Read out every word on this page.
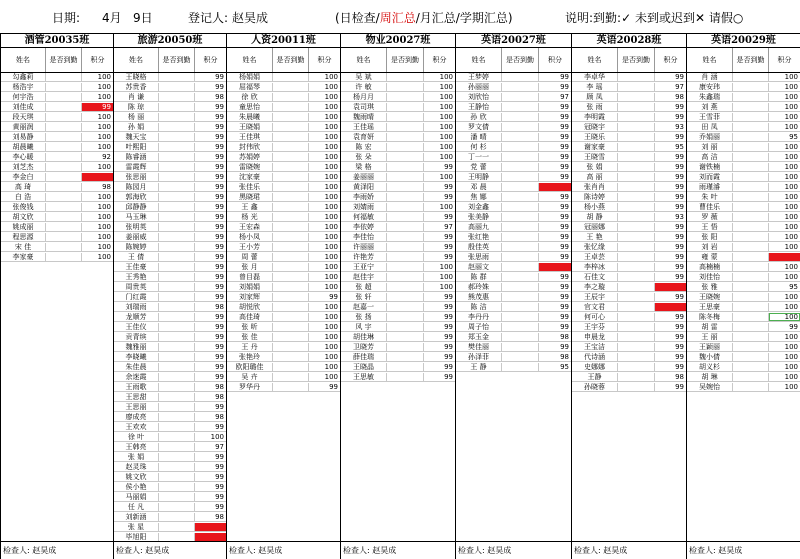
日期: 4月 9日	登记人: 赵昊成	(日检查/周汇总/月汇总/学期汇总)	说明:到勤:✓ 未到或迟到✕ 请假○
酒管20035班
姓名	是否到勤	积分
勾鑫莉	100
杨浩宇	100
何宇浩	100
刘佳成	99
段天琪	100
黄丽润	100
刘易静	100
胡晨曦	100
李心暖	92
刘芝杰	100
李金白
高 琦	98
白 浩	100
张俊钱	100
胡文欣	100
姚成丽	100
程思源	100
宋 佳	100
李家豪	100
旅游20050班
姓名	是否到勤	积分
王晓格	99
苏贵香	99
肖 谦	98
陈 琼	99
杨 丽	99
孙 娟	99
魏天宝	99
叶熙阳	99
陈睿涵	99
雷霞辉	99
张思丽	99
陈园月	99
郭海欣	99
邱静静	99
马玉琳	99
张明英	99
姜丽威	99
陈婉婷	99
王 倩	99
王佳豪	99
王秀艳	99
周贵英	99
门红霞	99
刘瑞雨	98
龙顺芳	99
王佳仪	99
贡青缤	99
魏雅丽	99
李晓曦	99
朱佳晨	99
余迷霞	99
王雨歌	98
王思甜	98
王思丽	99
廖成亮	98
王欢欢	99
徐 叶	100
王韩亮	97
张 娟	99
赵灵珠	99
姚文欣	99
侯小艳	99
马丽娟	99
任 凡	99
刘新涵	98
张 星
毕旭阳
人资20011班
姓名	是否到勤	积分
杨娟娟	100
屈福琴	100
徐 欣	100
童思怡	100
朱晨曦	100
王晓娟	100
王佳琪	100
封伟欣	100
苏娟婷	100
雷晓婉	100
沈家豪	100
张佳乐	100
黑晓珺	100
王 鑫	100
杨 光	100
王宏森	100
杨小凤	100
王小芳	100
周 蕾	100
张 月	100
曾目磊	100
刘娟娟	100
刘家辉	99
胡悦欣	100
高佳琦	100
张 昕	100
张 佳	100
王 丹	100
张艳玲	100
欧阳璐佳	100
吴 卉	100
罗华丹	99
物业20027班
姓名	是否到勤	积分
吴 斌	100
许 敏	100
杨月月	100
袁司琪	100
魏雨晴	100
王佳瑶	100
袁育妍	100
陈 宏	100
张 朵	100
梁 格	99
姜丽丽	100
黄泽阳	99
李雨娇	99
刘婧雨	100
何福敏	99
李依婷	97
李佳怡	99
许丽丽	99
许艳芳	99
王亚宁	100
赵佳宇	100
张 超	100
张 轩	99
赵嘉一	99
张 扬	99
风 宇	99
胡佳琳	99
卫晓芳	99
薛佳瑞	99
王晓晶	99
王思敏	99
英语20027班
姓名	是否到勤	积分
王梦婷	99
孙丽丽	99
刘欣怡	97
王静怡	99
孙 欣	99
罗文倩	99
潘 晴	99
何 杉	99
丁一一	99
党 蕾	99
王明静	99
邓 晨
焦 娜	99
刘金鑫	99
张美静	99
高丽九	99
张红艳	99
殷佳英	99
张思雨	99
赵丽文
陈 群	99
郝玲姝	99
熊茂惠	99
陈 洁	99
李丹丹	99
周子怡	99
郑玉金	98
樊佳丽	99
孙泽菲	98
王 静	95
英语20028班
姓名	是否到勤	积分
李卓华	99
李 瑶	97
顾 凤	98
张 雨	99
李明霞	99
冠晓宇	93
王晓乐	99
谢家豪	95
王晓雪	99
张 娟	99
高 丽	99
张肖肖	99
陈诗婷	99
杨小燕	99
胡 静	93
冠丽娜	99
王 艳	99
张忆缘	99
王卓芸	99
李梓冰	99
石佳文	99
李之璇
王辰宇	99
官文君
何可心	99
王宇芬	99
申晨龙	99
王宝洁	99
代诗涵	99
史娜娜	99
王静	98
孙晓蓉	99
英语20029班
姓名	是否到勤	积分
肖 涵	100
康安玮	100
朱鑫瑞	100
刘 燕	100
王雪菲	100
田 凤	100
乔娟丽	95
刘 丽	100
高 洁	100
谢铁楠	100
刘而霞	100
雨瑾濬	100
朱 叶	100
曹佳乐	100
罗 薇	100
王 悟	100
张 阳	100
刘 岩	100
雍 蒙
高楠楠	100
刘佳怡	100
张 雅	95
王晓婉	100
王思豪	100
陈冬梅	100
胡 雷	99
王 丽	100
王颖丽	100
魏小倩	100
胡义杉	100
胡 琳	100
吴婉怡	100
检查人: 赵昊成	检查人: 赵昊成	检查人: 赵昊成	检查人: 赵昊成	检查人: 赵昊成	检查人: 赵昊成	检查人: 赵昊成
